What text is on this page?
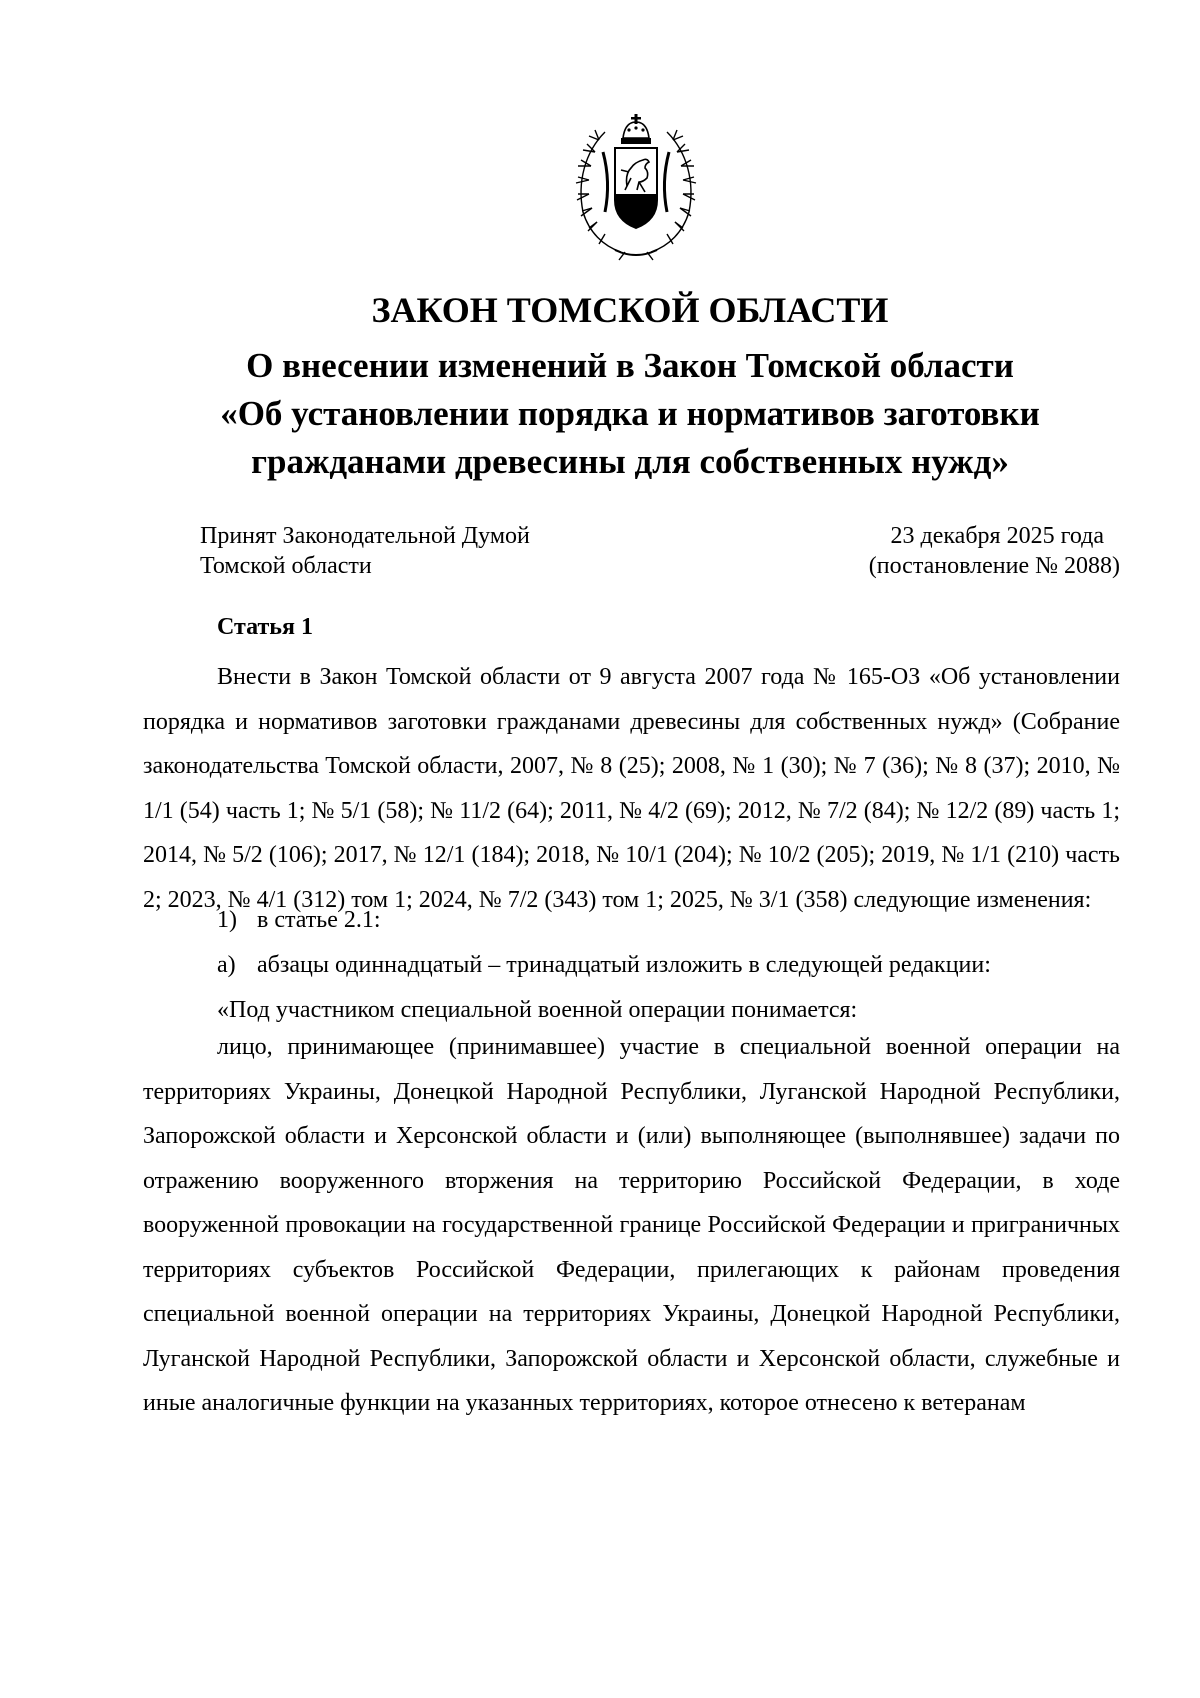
ЗАКОН ТОМСКОЙ ОБЛАСТИ
О внесении изменений в Закон Томской области
«Об установлении порядка и нормативов заготовки
гражданами древесины для собственных нужд»
Принят Законодательной Думой
Томской области
23 декабря 2025 года
(постановление № 2088)
Статья 1

Внести в Закон Томской области от 9 августа 2007 года № 165-ОЗ «Об установлении порядка и нормативов заготовки гражданами древесины для собственных нужд» (Собрание законодательства Томской области, 2007, № 8 (25); 2008, № 1 (30); № 7 (36); № 8 (37); 2010, № 1/1 (54) часть 1; № 5/1 (58); № 11/2 (64); 2011, № 4/2 (69); 2012, № 7/2 (84); № 12/2 (89) часть 1; 2014, № 5/2 (106); 2017, № 12/1 (184); 2018, № 10/1 (204); № 10/2 (205); 2019, № 1/1 (210) часть 2; 2023, № 4/1 (312) том 1; 2024, № 7/2 (343) том 1; 2025, № 3/1 (358) следующие изменения:

1) в статье 2.1:
а) абзацы одиннадцатый – тринадцатый изложить в следующей редакции:
«Под участником специальной военной операции понимается:

лицо, принимающее (принимавшее) участие в специальной военной операции на территориях Украины, Донецкой Народной Республики, Луганской Народной Республики, Запорожской области и Херсонской области и (или) выполняющее (выполнявшее) задачи по отражению вооруженного вторжения на территорию Российской Федерации, в ходе вооруженной провокации на государственной границе Российской Федерации и приграничных территориях субъектов Российской Федерации, прилегающих к районам проведения специальной военной операции на территориях Украины, Донецкой Народной Республики, Луганской Народной Республики, Запорожской области и Херсонской области, служебные и иные аналогичные функции на указанных территориях, которое отнесено к ветеранам
